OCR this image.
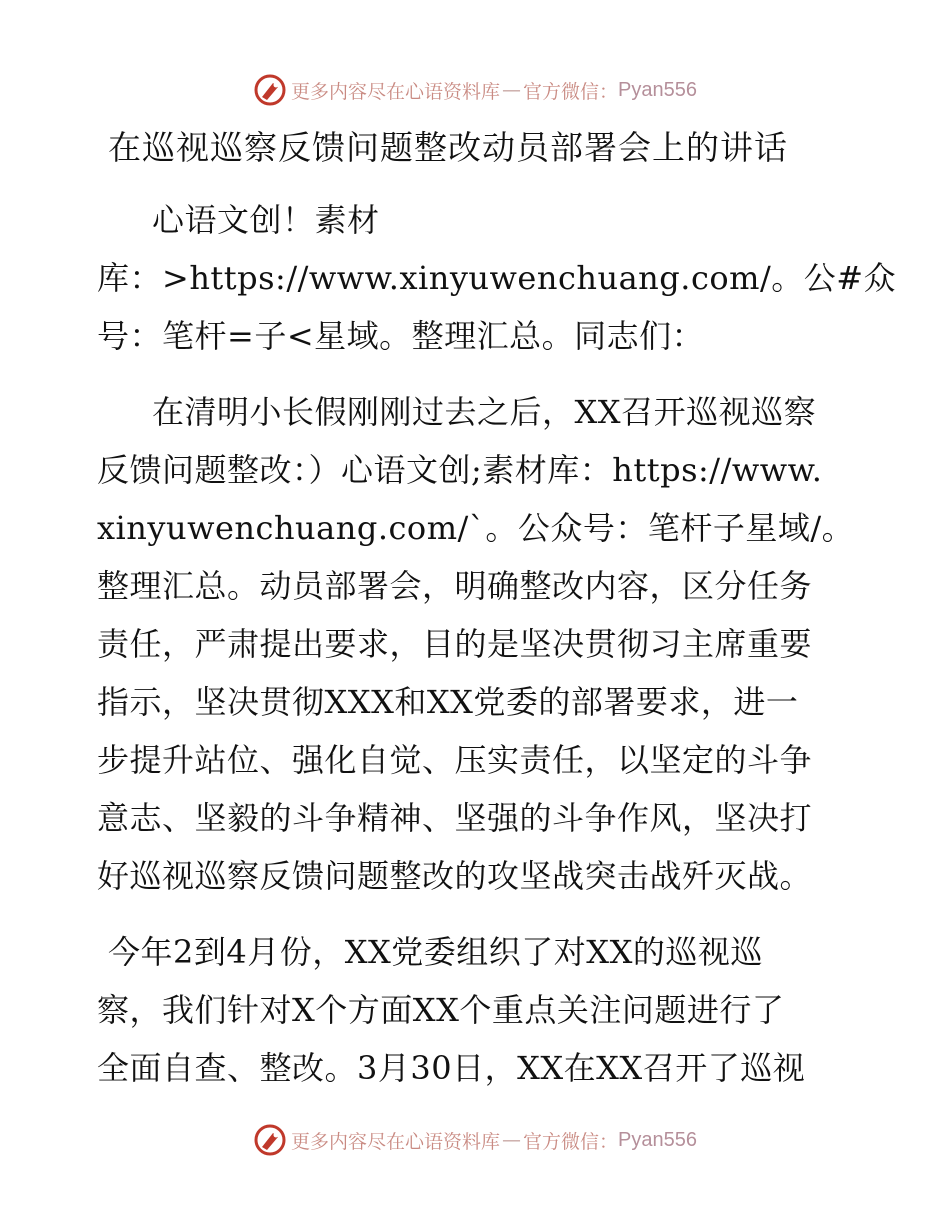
更多内容尽在心语资料库 — 官方微信： Pyan556
在巡视巡察反馈问题整改动员部署会上的讲话
心语文创！素材
库：>https://www.xinyuwenchuang.com/。公#众
号：笔杆=子<星域。整理汇总。同志们：
在清明小长假刚刚过去之后，XX召开巡视巡察
反馈问题整改：）心语文创;素材库：https://www.
xinyuwenchuang.com/`。公众号：笔杆子星域/。
整理汇总。动员部署会，明确整改内容，区分任务
责任，严肃提出要求，目的是坚决贯彻习主席重要
指示，坚决贯彻XXX和XX党委的部署要求，进一
步提升站位、强化自觉、压实责任，以坚定的斗争
意志、坚毅的斗争精神、坚强的斗争作风，坚决打
好巡视巡察反馈问题整改的攻坚战突击战歼灭战。
今年2到4月份，XX党委组织了对XX的巡视巡
察，我们针对X个方面XX个重点关注问题进行了
全面自查、整改。3月30日，XX在XX召开了巡视
更多内容尽在心语资料库 — 官方微信： Pyan556
